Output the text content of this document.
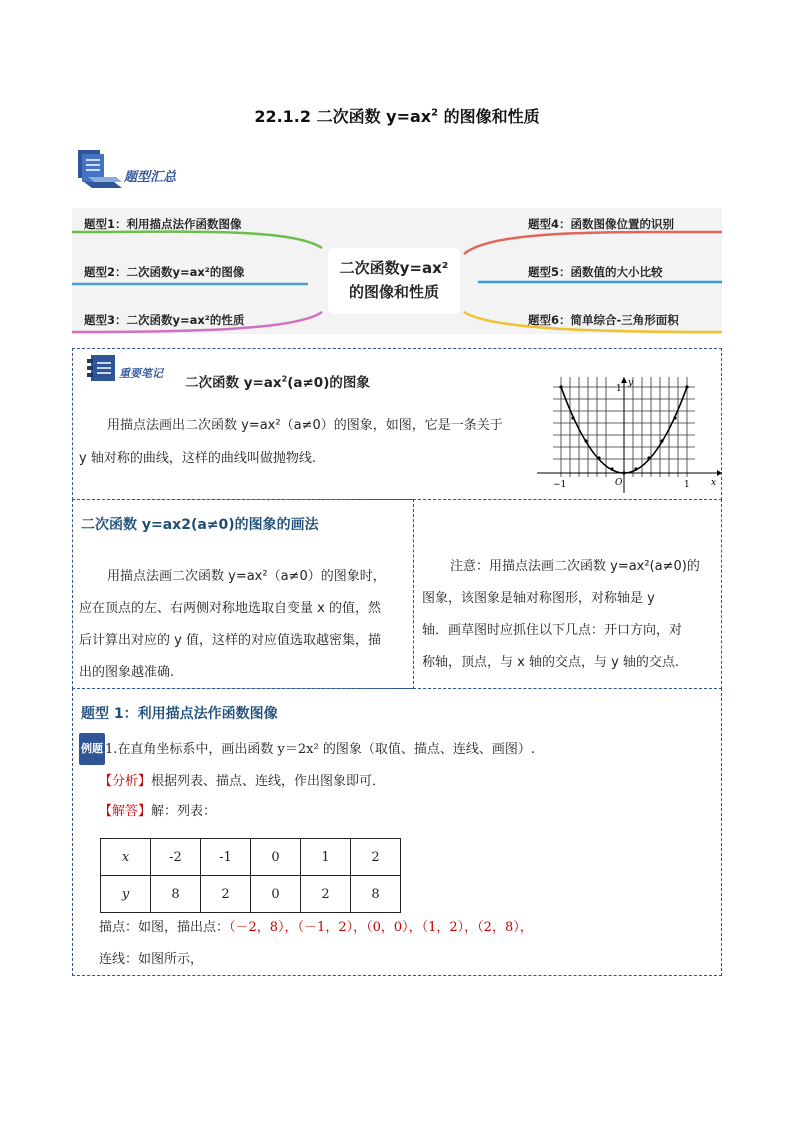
22.1.2 二次函数 $y=ax^2$ 的图像和性质
题型汇总
题型1：利用描点法作函数图像
题型2：二次函数y=ax²的图像
题型3：二次函数y=ax²的性质
题型4：函数图像位置的识别
题型5：函数值的大小比较
题型6：简单综合-三角形面积
二次函数y=ax²
的图像和性质
重要笔记
二次函数 $y=ax^2(a\ne 0)$的图象
用描点法画出二次函数 y=ax²（a≠0）的图象，如图，它是一条关于
y 轴对称的曲线，这样的曲线叫做抛物线.
x
y
O
−1	1
1
二次函数 y=ax2(a≠0)的图象的画法
用描点法画二次函数 y=ax²（a≠0）的图象时，
应在顶点的左、右两侧对称地选取自变量 x 的值，然
后计算出对应的 y 值，这样的对应值选取越密集，描
出的图象越准确.
注意：用描点法画二次函数 y=ax²(a≠0)的
图象，该图象是轴对称图形，对称轴是 y
轴．画草图时应抓住以下几点：开口方向，对
称轴，顶点，与 x 轴的交点，与 y 轴的交点.
题型 1：利用描点法作函数图像
例题 1.在直角坐标系中，画出函数 y＝2x² 的图象（取值、描点、连线、画图）.
【分析】根据列表、描点、连线，作出图象即可．
【解答】解：列表：
描点：如图，描出点：（－2，8），（－1，2），（0，0），（1，2），（2，8），
连线：如图所示，
x	-2	-1	0	1	2
y	8	2	0	2	8
